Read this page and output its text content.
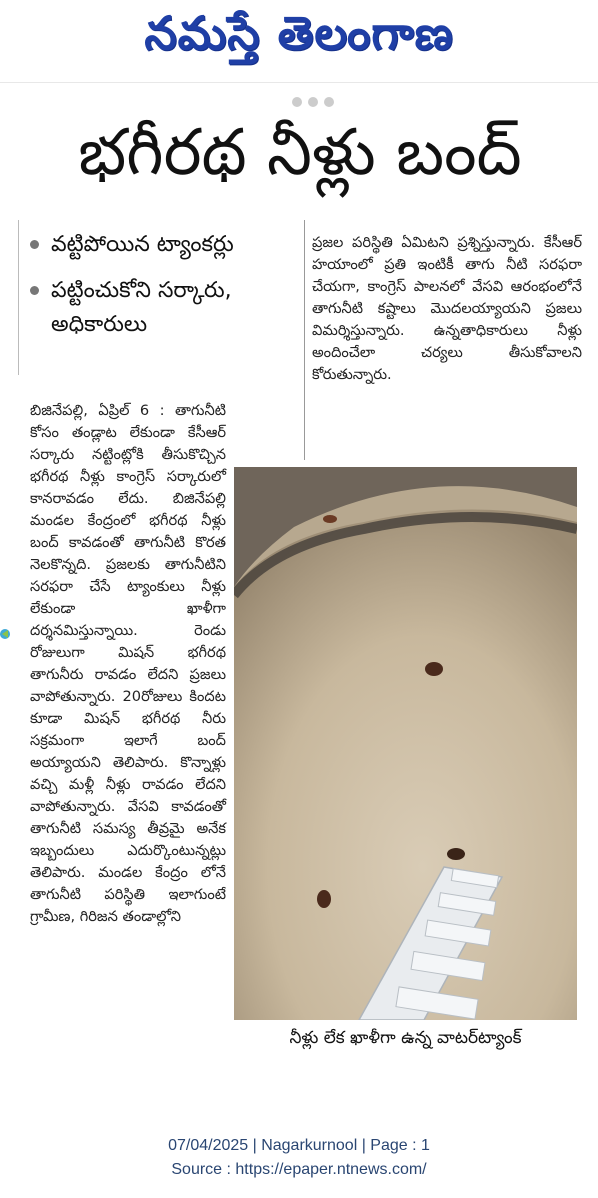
నమస్తే తెలంగాణ
భగీరథ నీళ్లు బంద్
వట్టిపోయిన ట్యాంకర్లు
పట్టించుకోని సర్కారు, అధికారులు
ప్రజల పరిస్థితి ఏమిటని ప్రశ్నిస్తున్నారు. కేసీఆర్ హయాంలో ప్రతి ఇంటికీ తాగు నీటి సరఫరా చేయగా, కాంగ్రెస్ పాలనలో వేసవి ఆరంభంలోనే తాగునీటి కష్టాలు మొదలయ్యాయని ప్రజలు విమర్శిస్తున్నారు. ఉన్నతాధికారులు నీళ్లు అందించేలా చర్యలు తీసుకోవాలని కోరుతున్నారు.
బిజినేపల్లి, ఏప్రిల్ 6 : తాగునీటి కోసం తండ్లాట లేకుండా కేసీఆర్ సర్కారు నట్టింట్లోకి తీసుకొచ్చిన భగీరథ నీళ్లు కాంగ్రెస్ సర్కారులో కానరావడం లేదు. బిజినేపల్లి మండల కేంద్రంలో భగీరథ నీళ్లు బంద్ కావడంతో తాగునీటి కొరత నెలకొన్నది. ప్రజలకు తాగునీటిని సరఫరా చేసే ట్యాంకులు నీళ్లు లేకుండా ఖాళీగా దర్శనమిస్తున్నాయి. రెండు రోజులుగా మిషన్ భగీరథ తాగునీరు రావడం లేదని ప్రజలు వాపోతున్నారు. 20రోజులు కిందట కూడా మిషన్ భగీరథ నీరు సక్రమంగా ఇలాగే బంద్ అయ్యాయని తెలిపారు. కొన్నాళ్లు వచ్చి మళ్లీ నీళ్లు రావడం లేదని వాపోతున్నారు. వేసవి కావడంతో తాగునీటి సమస్య తీవ్రమై అనేక ఇబ్బందులు ఎదుర్కొంటున్నట్లు తెలిపారు. మండల కేంద్రం లోనే తాగునీటి పరిస్థితి ఇలాగుంటే గ్రామీణ, గిరిజన తండాల్లోని
నీళ్లు లేక ఖాళీగా ఉన్న వాటర్‌ట్యాంక్
07/04/2025 | Nagarkurnool | Page : 1
Source : https://epaper.ntnews.com/
